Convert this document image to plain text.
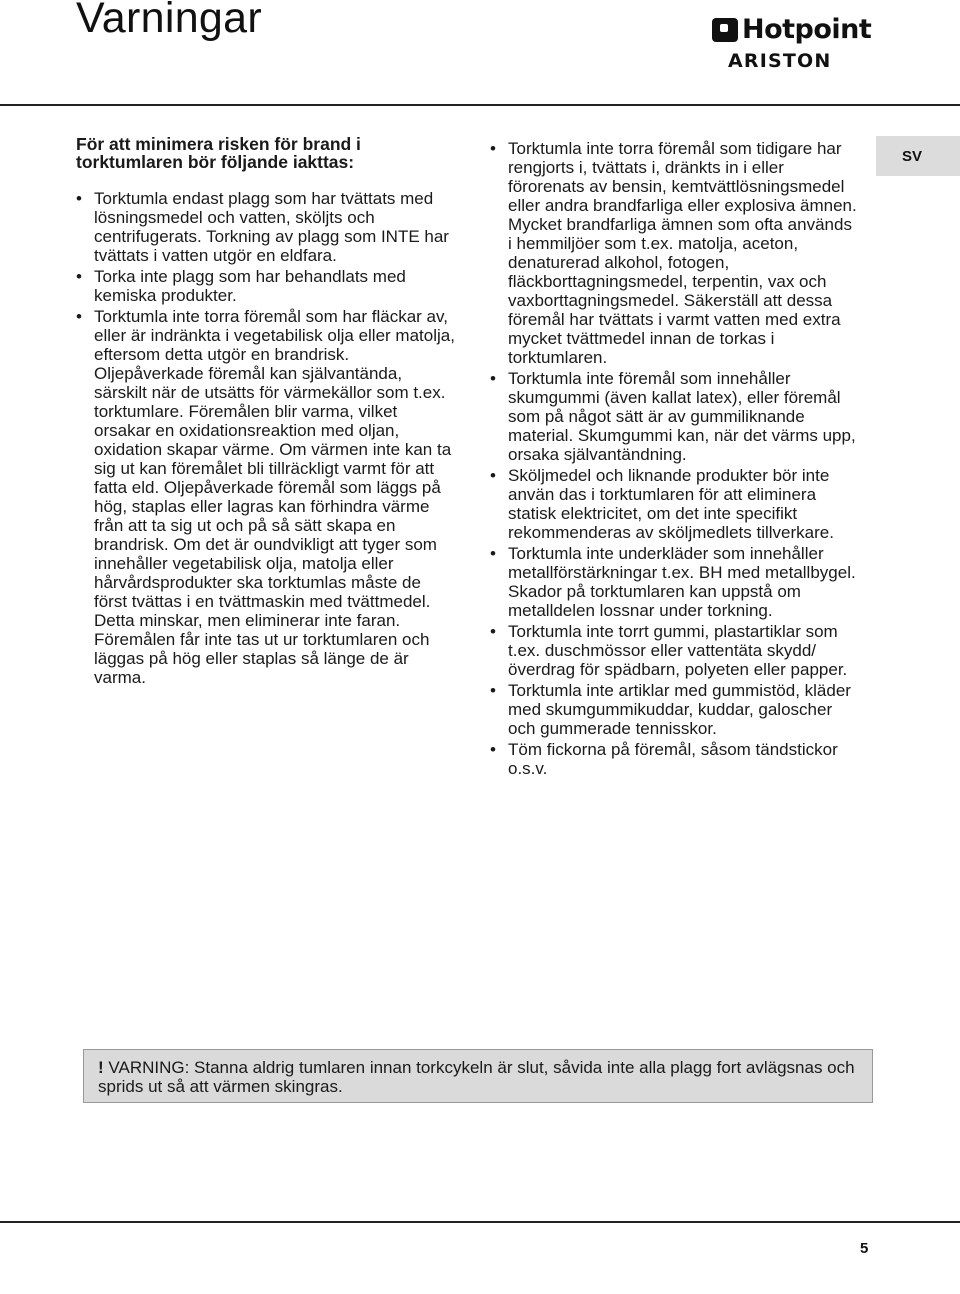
Varningar	Hotpoint
ARISTON

För att minimera risken för brand i torktumlaren bör följande iakttas:

• Torktumla endast plagg som har tvättats med lösningsmedel och vatten, sköljts och centrifugerats. Torkning av plagg som INTE har tvättats i vatten utgör en eldfara.
• Torka inte plagg som har behandlats med kemiska produkter.
• Torktumla inte torra föremål som har fläckar av, eller är indränkta i vegetabilisk olja eller matolja, eftersom detta utgör en brandrisk. Oljepåverkade föremål kan självantända, särskilt när de utsätts för värmekällor som t.ex. torktumlare. Föremålen blir varma, vilket orsakar en oxidationsreaktion med oljan, oxidation skapar värme. Om värmen inte kan ta sig ut kan föremålet bli tillräckligt varmt för att fatta eld. Oljepåverkade föremål som läggs på hög, staplas eller lagras kan förhindra värme från att ta sig ut och på så sätt skapa en brandrisk. Om det är oundvikligt att tyger som innehåller vegetabilisk olja, matolja eller hårvårdsprodukter ska torktumlas måste de först tvättas i en tvättmaskin med tvättmedel. Detta minskar, men eliminerar inte faran. Föremålen får inte tas ut ur torktumlaren och läggas på hög eller staplas så länge de är varma.
• Torktumla inte torra föremål som tidigare har rengjorts i, tvättats i, dränkts in i eller förorenats av bensin, kemtvättlösningsmedel eller andra brandfarliga eller explosiva ämnen. Mycket brandfarliga ämnen som ofta används i hemmiljöer som t.ex. matolja, aceton, denaturerad alkohol, fotogen, fläckborttagningsmedel, terpentin, vax och vaxborttagningsmedel. Säkerställ att dessa föremål har tvättats i varmt vatten med extra mycket tvättmedel innan de torkas i torktumlaren.
• Torktumla inte föremål som innehåller skumgummi (även kallat latex), eller föremål som på något sätt är av gummiliknande material. Skumgummi kan, när det värms upp, orsaka självantändning.
• Sköljmedel och liknande produkter bör inte använ das i torktumlaren för att eliminera statisk elektricitet, om det inte specifikt rekommenderas av sköljmedlets tillverkare.
• Torktumla inte underkläder som innehåller metallförstärkningar t.ex. BH med metallbygel. Skador på torktumlaren kan uppstå om metalldelen lossnar under torkning.
• Torktumla inte torrt gummi, plastartiklar som t.ex. duschmössor eller vattentäta skydd/överdrag för spädbarn, polyeten eller papper.
• Torktumla inte artiklar med gummistöd, kläder med skumgummikuddar, kuddar, galoscher och gummerade tennisskor.
• Töm fickorna på föremål, såsom tändstickor o.s.v.
SV
! VARNING: Stanna aldrig tumlaren innan torkcykeln är slut, såvida inte alla plagg fort avlägsnas och sprids ut så att värmen skingras.
5
